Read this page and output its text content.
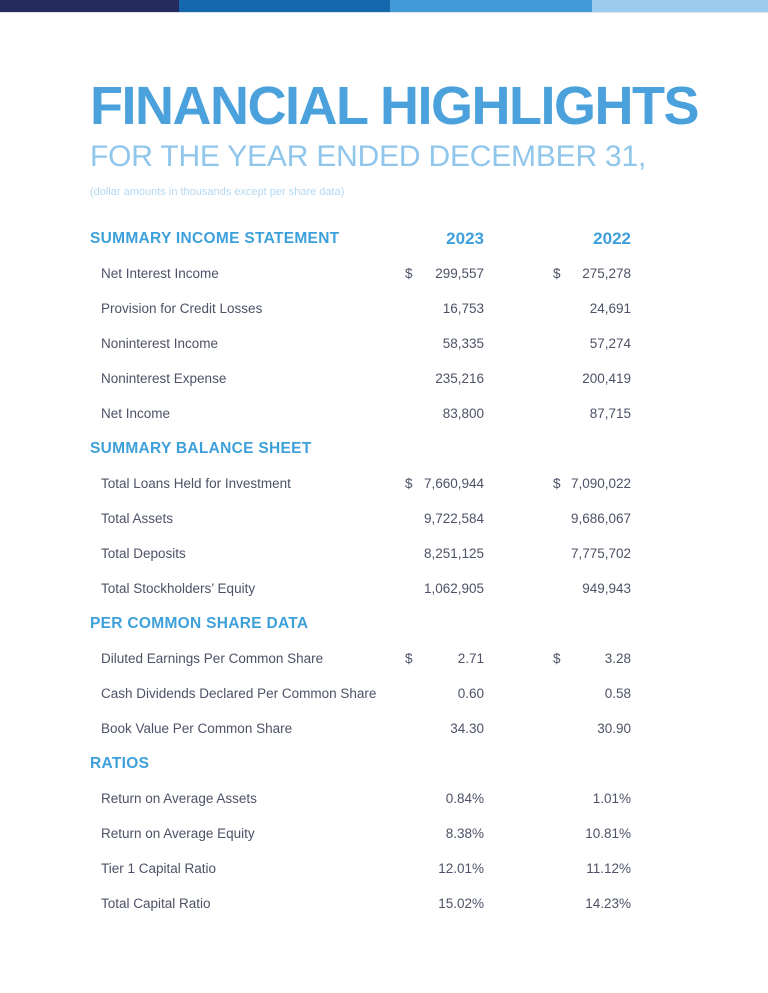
FINANCIAL HIGHLIGHTS
FOR THE YEAR ENDED DECEMBER 31,

(dollar amounts in thousands except per share data)

SUMMARY INCOME STATEMENT	2023	2022
Net Interest Income	$	299,557	$	275,278
Provision for Credit Losses	16,753	24,691
Noninterest Income	58,335	57,274
Noninterest Expense	235,216	200,419
Net Income	83,800	87,715
SUMMARY BALANCE SHEET
Total Loans Held for Investment	$ 7,660,944	$ 7,090,022
Total Assets	9,722,584	9,686,067
Total Deposits	8,251,125	7,775,702
Total Stockholders’ Equity	1,062,905	949,943
PER COMMON SHARE DATA
Diluted Earnings Per Common Share	$	2.71	$	3.28
Cash Dividends Declared Per Common Share	0.60	0.58
Book Value Per Common Share	34.30	30.90
RATIOS
Return on Average Assets	0.84%	1.01%
Return on Average Equity	8.38%	10.81%
Tier 1 Capital Ratio	12.01%	11.12%
Total Capital Ratio	15.02%	14.23%
